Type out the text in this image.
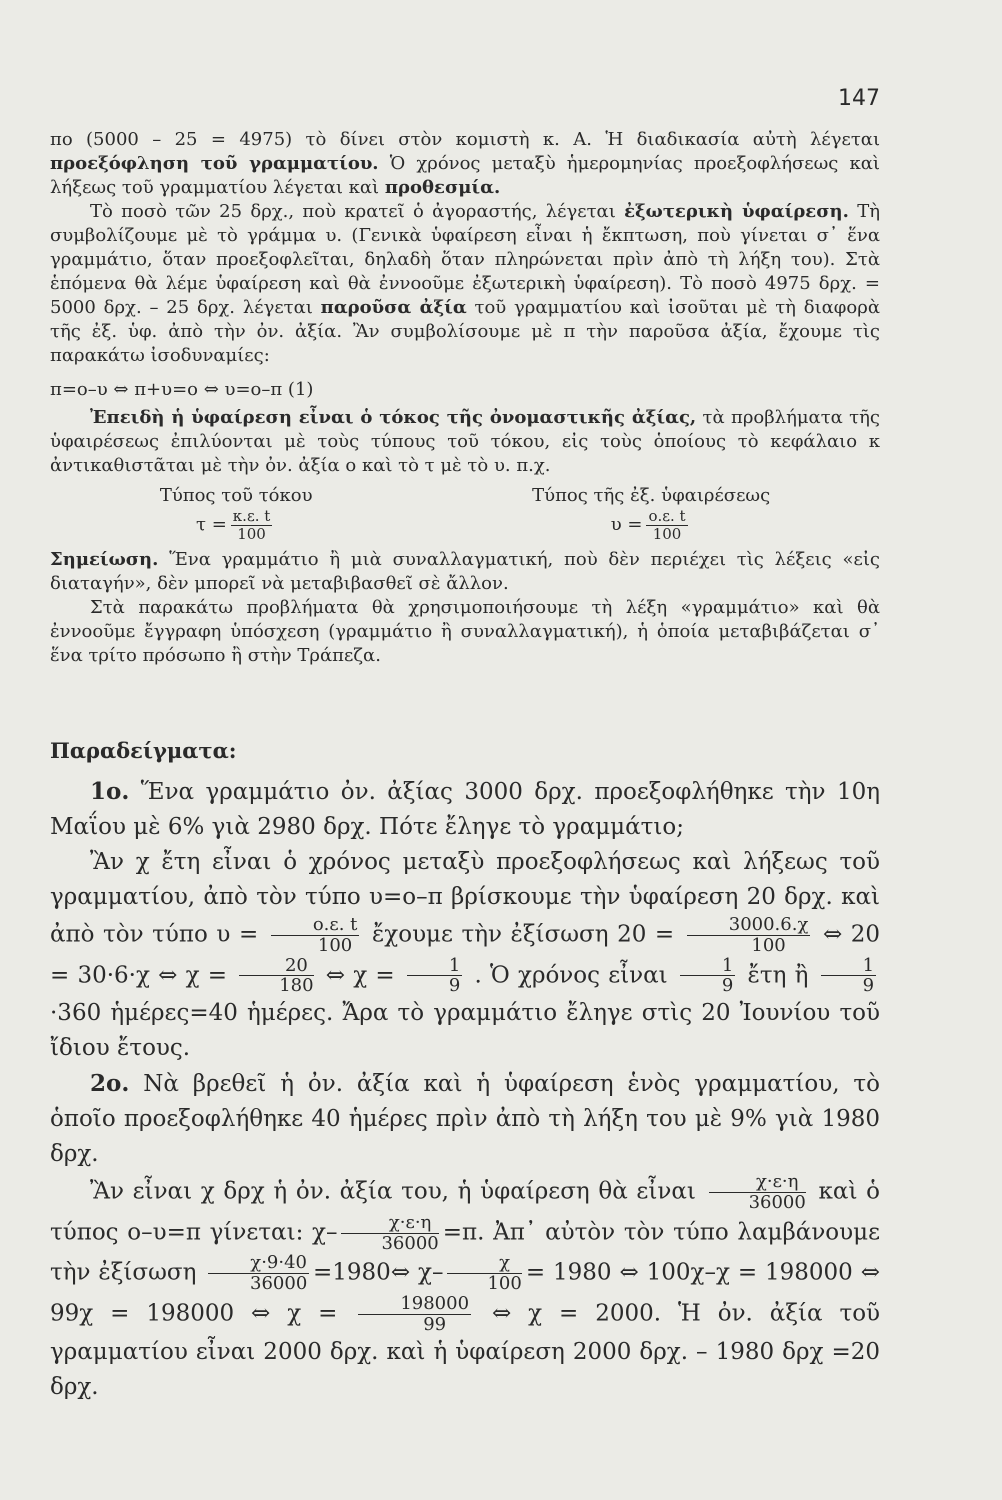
147

πο (5000 – 25 = 4975) τὸ δίνει στὸν κομιστὴ κ. Α. Ἡ διαδικασία αὐτὴ λέγεται προεξόφληση τοῦ γραμματίου. Ὁ χρόνος μεταξὺ ἡμερομηνίας προεξοφλήσεως καὶ λήξεως τοῦ γραμματίου λέγεται καὶ προθεσμία.

Τὸ ποσὸ τῶν 25 δρχ., ποὺ κρατεῖ ὁ ἀγοραστής, λέγεται ἐξωτερικὴ ὑφαίρεση. Τὴ συμβολίζουμε μὲ τὸ γράμμα υ. (Γενικὰ ὑφαίρεση εἶναι ἡ ἔκπτωση, ποὺ γίνεται σ᾽ ἕνα γραμμάτιο, ὅταν προεξοφλεῖται, δηλαδὴ ὅταν πληρώνεται πρὶν ἀπὸ τὴ λήξη του). Στὰ ἑπόμενα θὰ λέμε ὑφαίρεση καὶ θὰ ἐννοοῦμε ἐξωτερικὴ ὑφαίρεση). Τὸ ποσὸ 4975 δρχ. = 5000 δρχ. – 25 δρχ. λέγεται παροῦσα ἀξία τοῦ γραμματίου καὶ ἰσοῦται μὲ τὴ διαφορὰ τῆς ἐξ. ὑφ. ἀπὸ τὴν ὀν. ἀξία. Ἂν συμβολίσουμε μὲ π τὴν παροῦσα ἀξία, ἔχουμε τὶς παρακάτω ἰσοδυναμίες:

π=ο–υ ⇔ π+υ=ο ⇔ υ=ο–π (1)

Ἐπειδὴ ἡ ὑφαίρεση εἶναι ὁ τόκος τῆς ὀνομαστικῆς ἀξίας, τὰ προβλήματα τῆς ὑφαιρέσεως ἐπιλύονται μὲ τοὺς τύπους τοῦ τόκου, εἰς τοὺς ὁποίους τὸ κεφάλαιο κ ἀντικαθιστᾶται μὲ τὴν ὀν. ἀξία ο καὶ τὸ τ μὲ τὸ υ. π.χ.

Τύπος τοῦ τόκου
$\tau = \frac{\kappa.\varepsilon. t}{100}$
Τύπος τῆς ἐξ. ὑφαιρέσεως
$\upsilon = \frac{o.\varepsilon. t}{100}$

Σημείωση. Ἕνα γραμμάτιο ἢ μιὰ συναλλαγματική, ποὺ δὲν περιέχει τὶς λέξεις «εἰς διαταγήν», δὲν μπορεῖ νὰ μεταβιβασθεῖ σὲ ἄλλον.

Στὰ παρακάτω προβλήματα θὰ χρησιμοποιήσουμε τὴ λέξη «γραμμάτιο» καὶ θὰ ἐννοοῦμε ἔγγραφη ὑπόσχεση (γραμμάτιο ἢ συναλλαγματική), ἡ ὁποία μεταβιβάζεται σ᾽ ἕνα τρίτο πρόσωπο ἢ στὴν Τράπεζα.

Παραδείγματα:

1ο. Ἕνα γραμμάτιο ὀν. ἀξίας 3000 δρχ. προεξοφλήθηκε τὴν 10η Μαΐου μὲ 6% γιὰ 2980 δρχ. Πότε ἔληγε τὸ γραμμάτιο;

Ἂν χ ἔτη εἶναι ὁ χρόνος μεταξὺ προεξοφλήσεως καὶ λήξεως τοῦ γραμματίου, ἀπὸ τὸν τύπο υ=ο–π βρίσκουμε τὴν ὑφαίρεση 20 δρχ. καὶ ἀπὸ τὸν τύπο $\upsilon = \frac{o.\varepsilon. t}{100}$ ἔχουμε τὴν ἐξίσωση $20 = \frac{3000.6.\chi}{100}$ ⇔ 20 = 30·6·χ ⇔ $\chi = \frac{20}{180}$ ⇔ $\chi = \frac{1}{9}$ . Ὁ χρόνος εἶναι $\frac{1}{9}$ ἔτη ἢ $\frac{1}{9}$
·360 ἡμέρες=40 ἡμέρες. Ἄρα τὸ γραμμάτιο ἔληγε στὶς 20 Ἰουνίου τοῦ ἴδιου ἔτους.

2ο. Νὰ βρεθεῖ ἡ ὀν. ἀξία καὶ ἡ ὑφαίρεση ἑνὸς γραμματίου, τὸ ὁποῖο προεξοφλήθηκε 40 ἡμέρες πρὶν ἀπὸ τὴ λήξη του μὲ 9% γιὰ 1980 δρχ.

Ἂν εἶναι χ δρχ ἡ ὀν. ἀξία του, ἡ ὑφαίρεση θὰ εἶναι $\frac{\chi\cdot\varepsilon\cdot\eta}{36000}$ καὶ ὁ τύπος ο–υ=π γίνεται: $\chi- \frac{\chi\cdot\varepsilon\cdot\eta}{36000} =\pi$. Ἀπ᾽ αὐτὸν τὸν τύπο λαμβάνουμε τὴν ἐξίσωση $\frac{\chi\cdot 9\cdot 40}{36000}$ =1980⇔ $\chi- \frac{\chi}{100} = 1980$ ⇔ 100χ–χ = 198000 ⇔ 99χ = 198000 ⇔ $\chi = \frac{198000}{99}$ ⇔ χ = 2000. Ἡ ὀν. ἀξία τοῦ γραμματίου εἶναι 2000 δρχ. καὶ ἡ ὑφαίρεση 2000 δρχ. – 1980 δρχ =20 δρχ.
